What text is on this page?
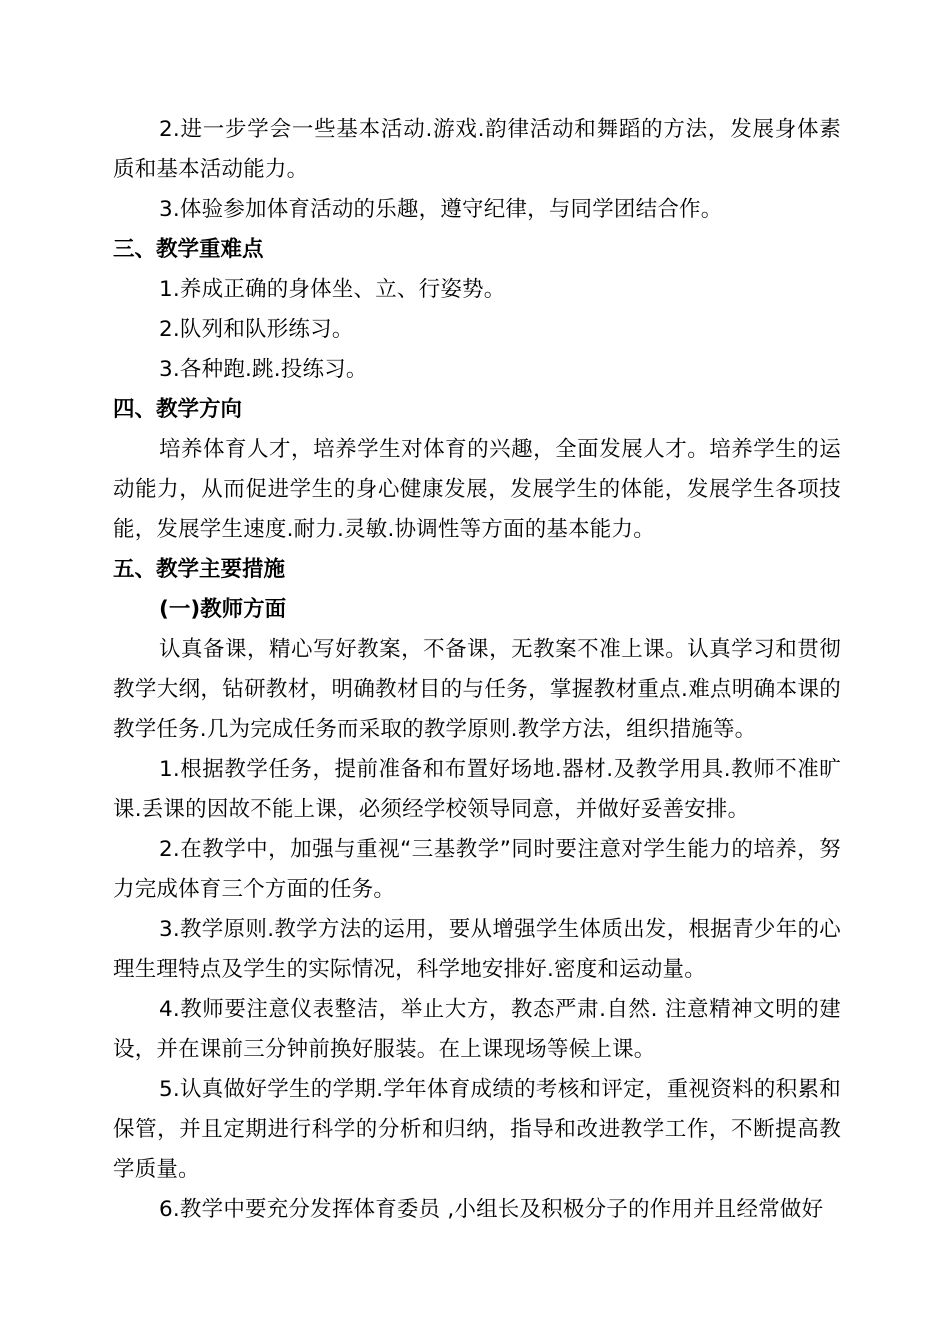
2.进一步学会一些基本活动.游戏.韵律活动和舞蹈的方法，发展身体素质和基本活动能力。

3.体验参加体育活动的乐趣，遵守纪律，与同学团结合作。

三、教学重难点

1.养成正确的身体坐、立、行姿势。

2.队列和队形练习。

3.各种跑.跳.投练习。

四、教学方向

培养体育人才，培养学生对体育的兴趣，全面发展人才。培养学生的运动能力，从而促进学生的身心健康发展，发展学生的体能，发展学生各项技能，发展学生速度.耐力.灵敏.协调性等方面的基本能力。

五、教学主要措施

(一)教师方面

认真备课，精心写好教案，不备课，无教案不准上课。认真学习和贯彻教学大纲，钻研教材，明确教材目的与任务，掌握教材重点.难点明确本课的教学任务.几为完成任务而采取的教学原则.教学方法，组织措施等。

1.根据教学任务，提前准备和布置好场地.器材.及教学用具.教师不准旷课.丢课的因故不能上课，必须经学校领导同意，并做好妥善安排。

2.在教学中，加强与重视“三基教学”同时要注意对学生能力的培养，努力完成体育三个方面的任务。

3.教学原则.教学方法的运用，要从增强学生体质出发，根据青少年的心理生理特点及学生的实际情况，科学地安排好.密度和运动量。

4.教师要注意仪表整洁，举止大方，教态严肃.自然. 注意精神文明的建设，并在课前三分钟前换好服装。在上课现场等候上课。

5.认真做好学生的学期.学年体育成绩的考核和评定，重视资料的积累和保管，并且定期进行科学的分析和归纳，指导和改进教学工作，不断提高教学质量。

6.教学中要充分发挥体育委员 ,小组长及积极分子的作用并且经常做好
